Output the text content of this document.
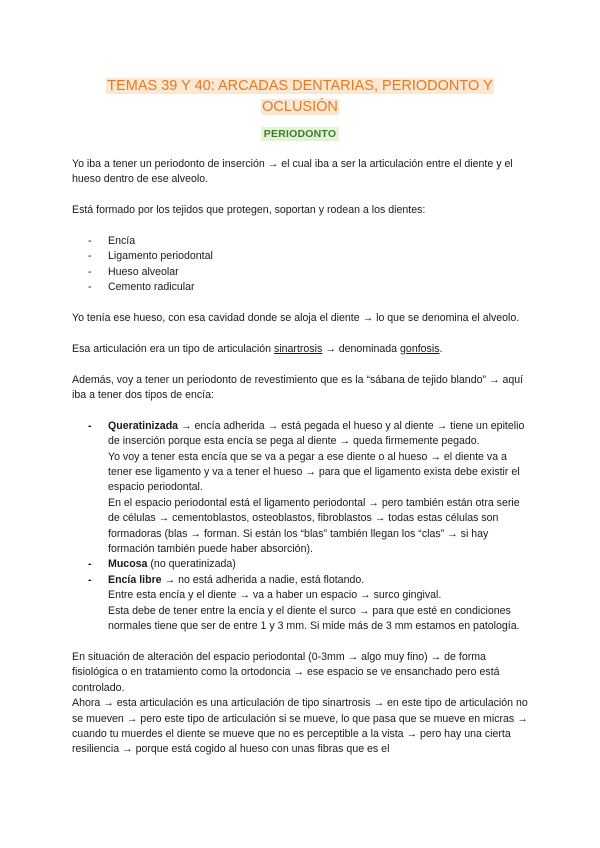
TEMAS 39 Y 40: ARCADAS DENTARIAS, PERIODONTO Y
OCLUSIÓN
PERIODONTO

Yo iba a tener un periodonto de inserción → el cual iba a ser la articulación entre el diente y el hueso dentro de ese alveolo.

Está formado por los tejidos que protegen, soportan y rodean a los dientes:

- Encía
- Ligamento periodontal
- Hueso alveolar
- Cemento radicular

Yo tenía ese hueso, con esa cavidad donde se aloja el diente → lo que se denomina el alveolo.

Esa articulación era un tipo de articulación sinartrosis → denominada gonfosis.

Además, voy a tener un periodonto de revestimiento que es la “sábana de tejido blando” → aquí iba a tener dos tipos de encía:

- Queratinizada → encía adherida → está pegada el hueso y al diente → tiene un epitelio de inserción porque esta encía se pega al diente → queda firmemente pegado.
Yo voy a tener esta encía que se va a pegar a ese diente o al hueso → el diente va a tener ese ligamento y va a tener el hueso → para que el ligamento exista debe existir el espacio periodontal.
En el espacio periodontal está el ligamento periodontal → pero también están otra serie de células → cementoblastos, osteoblastos, fibroblastos → todas estas células son formadoras (blas → forman. Si están los “blas” también llegan los “clas” → si hay formación también puede haber absorción).
- Mucosa (no queratinizada)
- Encía libre → no está adherida a nadie, está flotando.
Entre esta encía y el diente → va a haber un espacio → surco gingival.
Esta debe de tener entre la encía y el diente el surco → para que esté en condiciones normales tiene que ser de entre 1 y 3 mm. Si mide más de 3 mm estamos en patología.

En situación de alteración del espacio periodontal (0-3mm → algo muy fino) → de forma fisiológica o en tratamiento como la ortodoncia → ese espacio se ve ensanchado pero está controlado.

Ahora → esta articulación es una articulación de tipo sinartrosis → en este tipo de articulación no se mueven → pero este tipo de articulación si se mueve, lo que pasa que se mueve en micras → cuando tu muerdes el diente se mueve que no es perceptible a la vista → pero hay una cierta resiliencia → porque está cogido al hueso con unas fibras que es el
